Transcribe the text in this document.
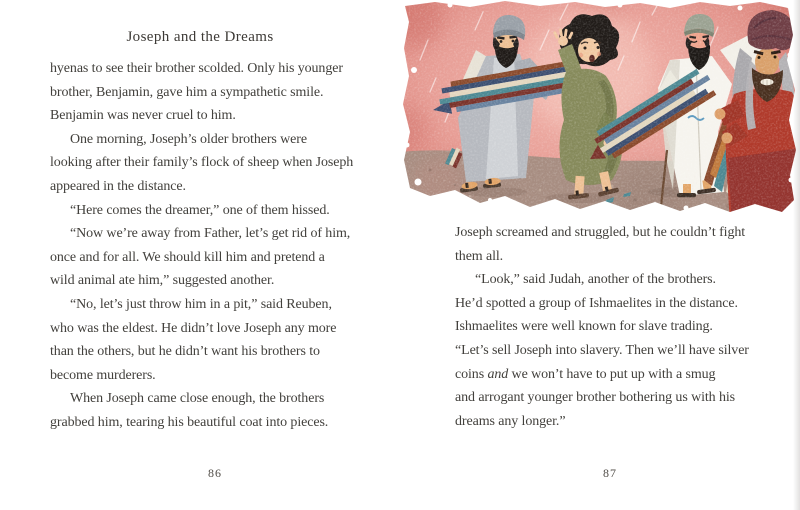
Joseph and the Dreams
hyenas to see their brother scolded. Only his younger
brother, Benjamin, gave him a sympathetic smile.
Benjamin was never cruel to him.
One morning, Joseph’s older brothers were
looking after their family’s flock of sheep when Joseph
appeared in the distance.
“Here comes the dreamer,” one of them hissed.
“Now we’re away from Father, let’s get rid of him,
once and for all. We should kill him and pretend a
wild animal ate him,” suggested another.
“No, let’s just throw him in a pit,” said Reuben,
who was the eldest. He didn’t love Joseph any more
than the others, but he didn’t want his brothers to
become murderers.
When Joseph came close enough, the brothers
grabbed him, tearing his beautiful coat into pieces.
Joseph screamed and struggled, but he couldn’t fight
them all.
“Look,” said Judah, another of the brothers.
He’d spotted a group of Ishmaelites in the distance.
Ishmaelites were well known for slave trading.
“Let’s sell Joseph into slavery. Then we’ll have silver
coins and we won’t have to put up with a smug
and arrogant younger brother bothering us with his
dreams any longer.”
86	87
